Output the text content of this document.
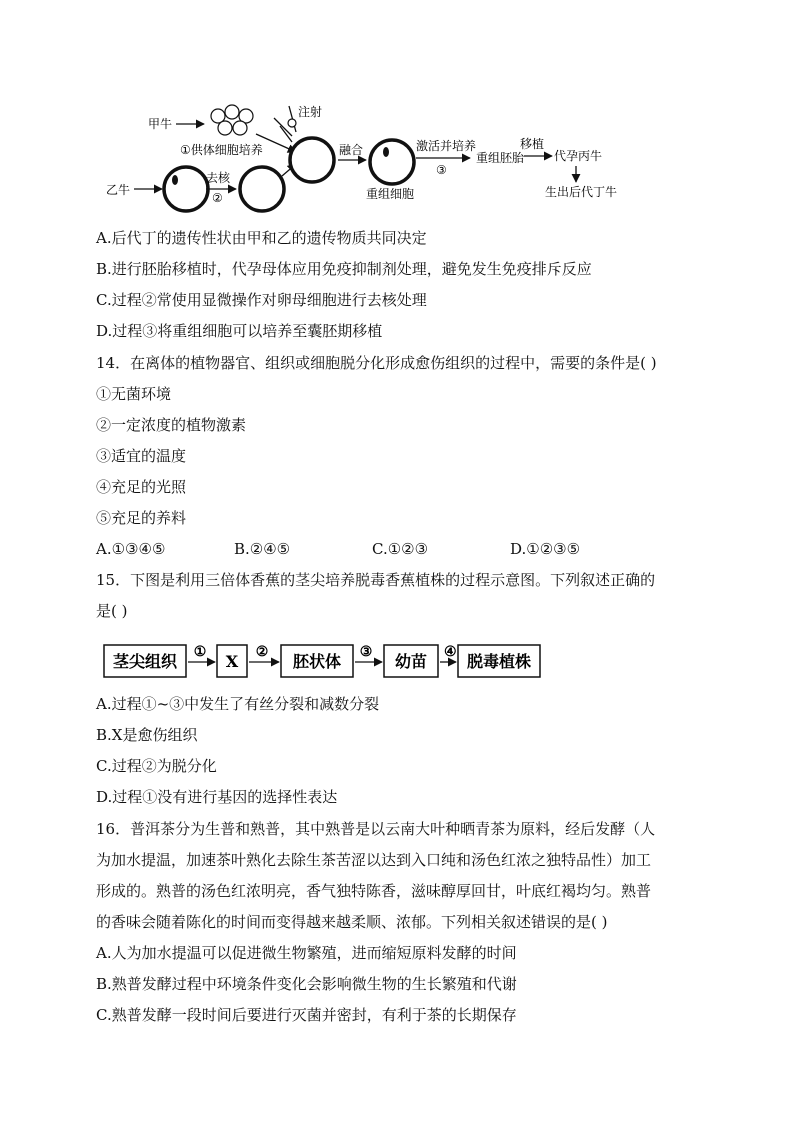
甲牛
①供体细胞培养
乙牛
去核
②
注射
融合
重组细胞
激活并培养
③
重组胚胎
移植
代孕丙牛
生出后代丁牛
A.后代丁的遗传性状由甲和乙的遗传物质共同决定
B.进行胚胎移植时，代孕母体应用免疫抑制剂处理，避免发生免疫排斥反应
C.过程②常使用显微操作对卵母细胞进行去核处理
D.过程③将重组细胞可以培养至囊胚期移植
14．在离体的植物器官、组织或细胞脱分化形成愈伤组织的过程中，需要的条件是( )
①无菌环境
②一定浓度的植物激素
③适宜的温度
④充足的光照
⑤充足的养料
A.①③④⑤	B.②④⑤	C.①②③	D.①②③⑤
15．下图是利用三倍体香蕉的茎尖培养脱毒香蕉植株的过程示意图。下列叙述正确的
是( )
茎尖组织 ① X ② 胚状体 ③ 幼苗 ④ 脱毒植株
A.过程①~③中发生了有丝分裂和减数分裂
B.X是愈伤组织
C.过程②为脱分化
D.过程①没有进行基因的选择性表达
16．普洱茶分为生普和熟普，其中熟普是以云南大叶种晒青茶为原料，经后发酵（人
为加水提温，加速茶叶熟化去除生茶苦涩以达到入口纯和汤色红浓之独特品性）加工
形成的。熟普的汤色红浓明亮，香气独特陈香，滋味醇厚回甘，叶底红褐均匀。熟普
的香味会随着陈化的时间而变得越来越柔顺、浓郁。下列相关叙述错误的是( )
A.人为加水提温可以促进微生物繁殖，进而缩短原料发酵的时间
B.熟普发酵过程中环境条件变化会影响微生物的生长繁殖和代谢
C.熟普发酵一段时间后要进行灭菌并密封，有利于茶的长期保存
